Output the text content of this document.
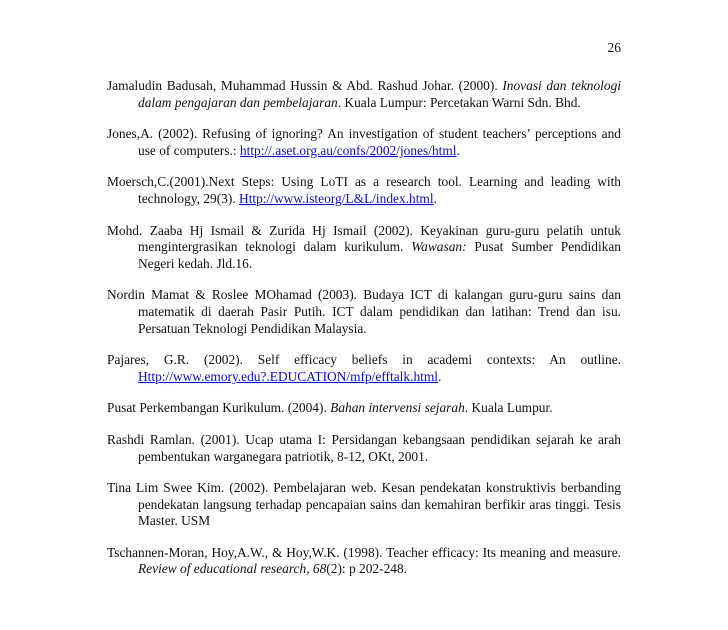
26
Jamaludin Badusah, Muhammad Hussin & Abd. Rashud Johar. (2000). Inovasi dan teknologi dalam pengajaran dan pembelajaran. Kuala Lumpur: Percetakan Warni Sdn. Bhd.
Jones,A. (2002). Refusing of ignoring? An investigation of student teachers’ perceptions and use of computers.: http://.aset.org.au/confs/2002/jones/html.
Moersch,C.(2001).Next Steps: Using LoTI as a research tool. Learning and leading with technology, 29(3). Http://www.isteorg/L&L/index.html.
Mohd. Zaaba Hj Ismail & Zurida Hj Ismail (2002). Keyakinan guru-guru pelatih untuk mengintergrasikan teknologi dalam kurikulum. Wawasan: Pusat Sumber Pendidikan Negeri kedah. Jld.16.
Nordin Mamat & Roslee MOhamad (2003). Budaya ICT di kalangan guru-guru sains dan matematik di daerah Pasir Putih. ICT dalam pendidikan dan latihan: Trend dan isu. Persatuan Teknologi Pendidikan Malaysia.
Pajares, G.R. (2002). Self efficacy beliefs in academi contexts: An outline. Http://www.emory.edu?.EDUCATION/mfp/efftalk.html.
Pusat Perkembangan Kurikulum. (2004). Bahan intervensi sejarah. Kuala Lumpur.
Rashdi Ramlan. (2001). Ucap utama I: Persidangan kebangsaan pendidikan sejarah ke arah pembentukan warganegara patriotik, 8-12, OKt, 2001.
Tina Lim Swee Kim. (2002). Pembelajaran web. Kesan pendekatan konstruktivis berbanding pendekatan langsung terhadap pencapaian sains dan kemahiran berfikir aras tinggi. Tesis Master. USM
Tschannen-Moran, Hoy,A.W., & Hoy,W.K. (1998). Teacher efficacy: Its meaning and measure. Review of educational research, 68(2): p 202-248.
